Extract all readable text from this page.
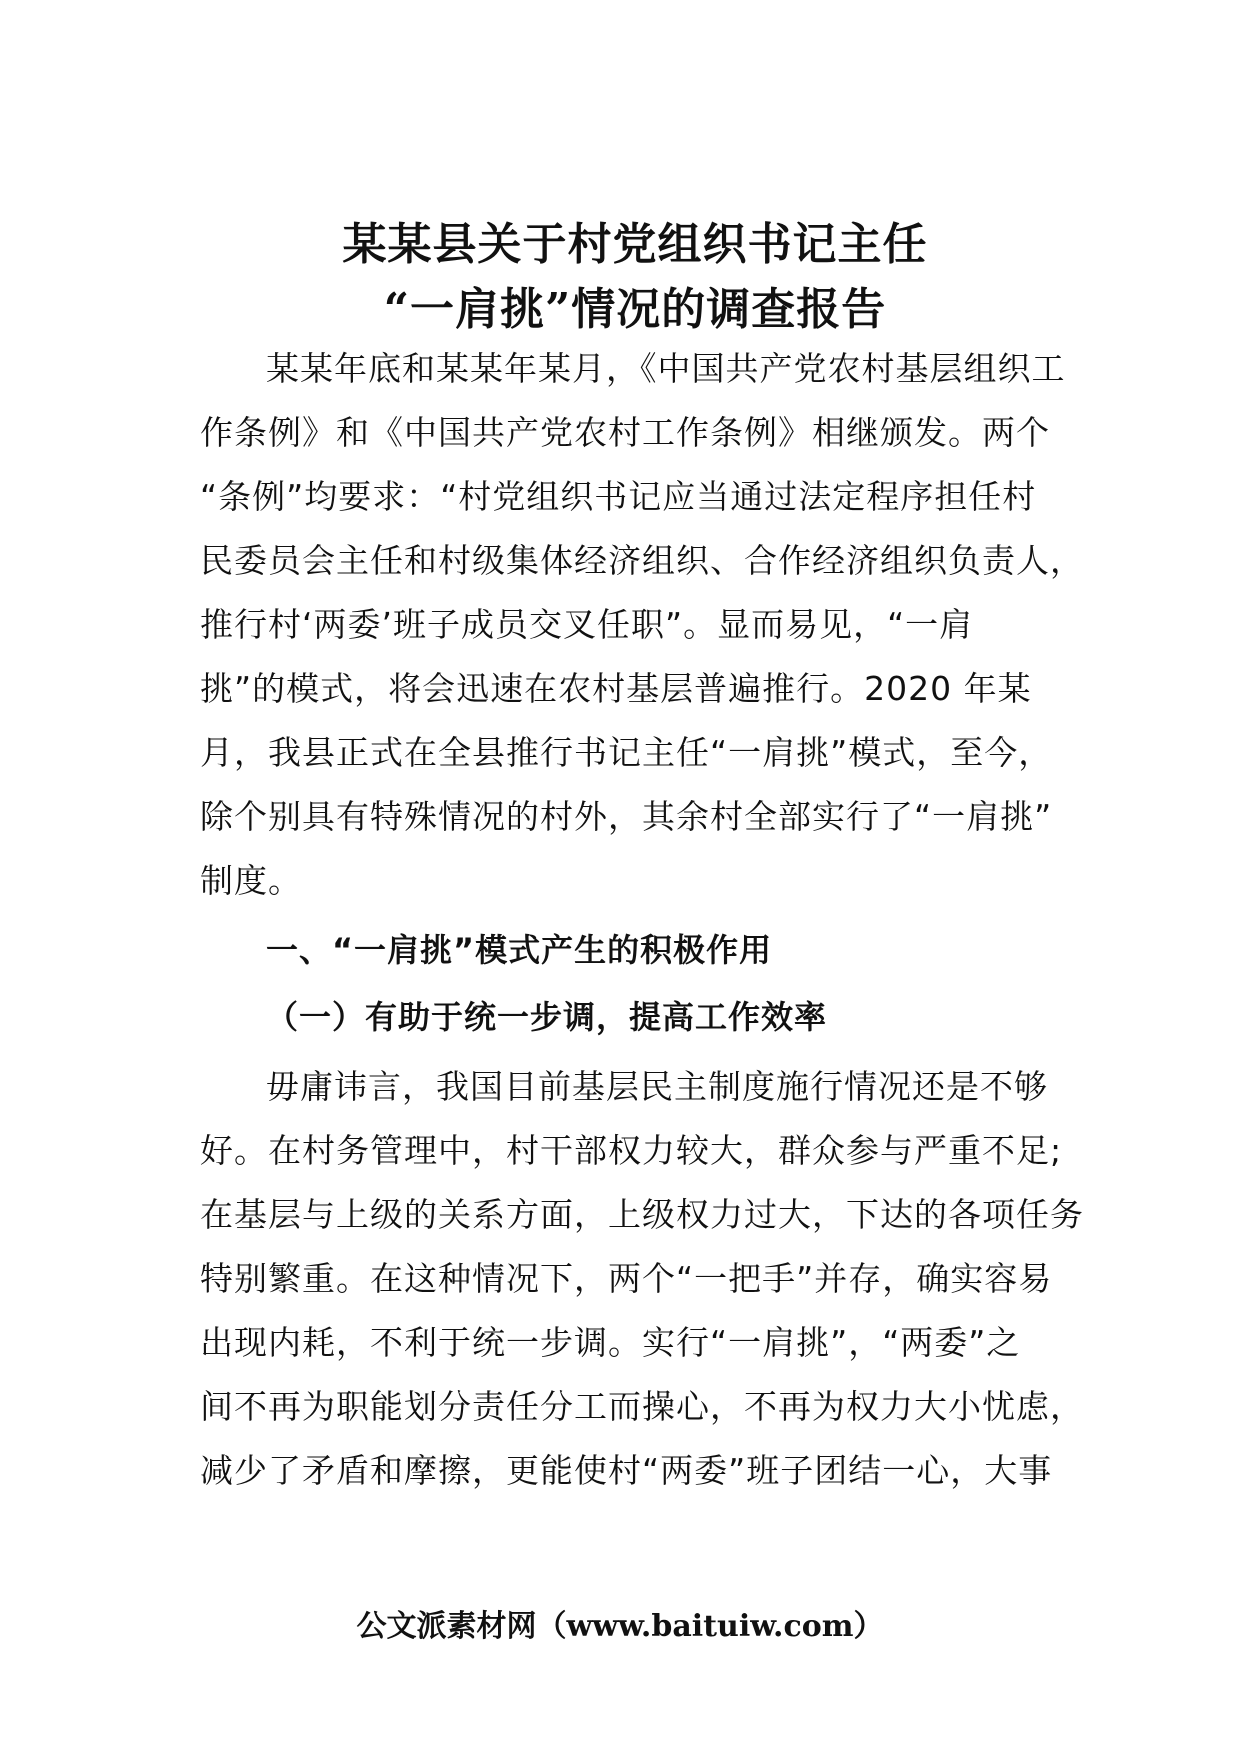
某某县关于村党组织书记主任
“一肩挑”情况的调查报告
某某年底和某某年某月，《中国共产党农村基层组织工
作条例》和《中国共产党农村工作条例》相继颁发。两个
“条例”均要求：“村党组织书记应当通过法定程序担任村
民委员会主任和村级集体经济组织、合作经济组织负责人，
推行村‘两委’班子成员交叉任职”。显而易见，“一肩
挑”的模式，将会迅速在农村基层普遍推行。2020 年某
月，我县正式在全县推行书记主任“一肩挑”模式，至今，
除个别具有特殊情况的村外，其余村全部实行了“一肩挑”
制度。
一、“一肩挑”模式产生的积极作用
（一）有助于统一步调，提高工作效率
毋庸讳言，我国目前基层民主制度施行情况还是不够
好。在村务管理中，村干部权力较大，群众参与严重不足;
在基层与上级的关系方面，上级权力过大，下达的各项任务
特别繁重。在这种情况下，两个“一把手”并存，确实容易
出现内耗，不利于统一步调。实行“一肩挑”，“两委”之
间不再为职能划分责任分工而操心，不再为权力大小忧虑，
减少了矛盾和摩擦，更能使村“两委”班子团结一心，大事
公文派素材网（www.baituiw.com）
